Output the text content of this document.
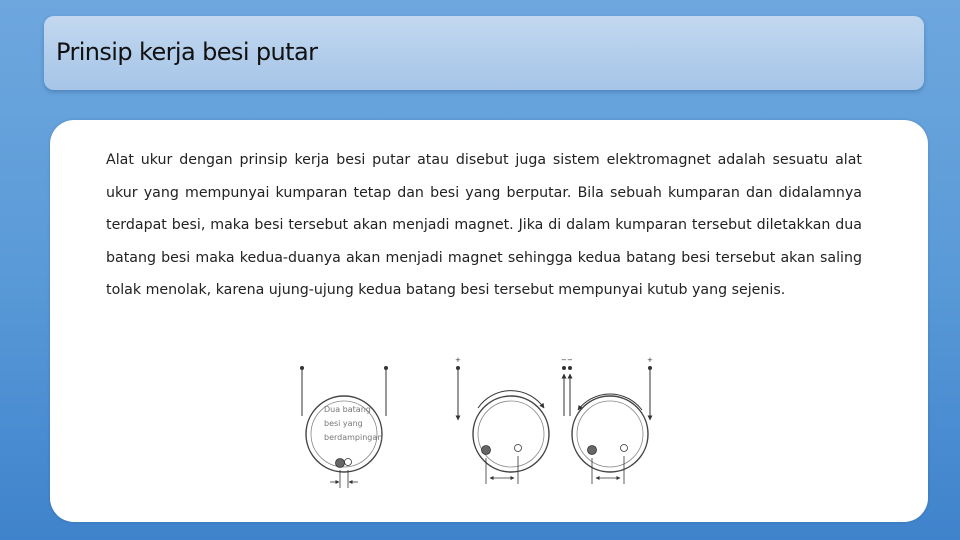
Prinsip kerja besi putar

Alat ukur dengan prinsip kerja besi putar atau disebut juga sistem elektromagnet adalah sesuatu alat ukur yang mempunyai kumparan tetap dan besi yang berputar. Bila sebuah kumparan dan didalamnya terdapat besi, maka besi tersebut akan menjadi magnet. Jika di dalam kumparan tersebut diletakkan dua batang besi maka kedua-duanya akan menjadi magnet sehingga kedua batang besi tersebut akan saling tolak menolak, karena ujung-ujung kedua batang besi tersebut mempunyai kutub yang sejenis.

Dua batang
besi yang
berdampingan
+	− −	+
